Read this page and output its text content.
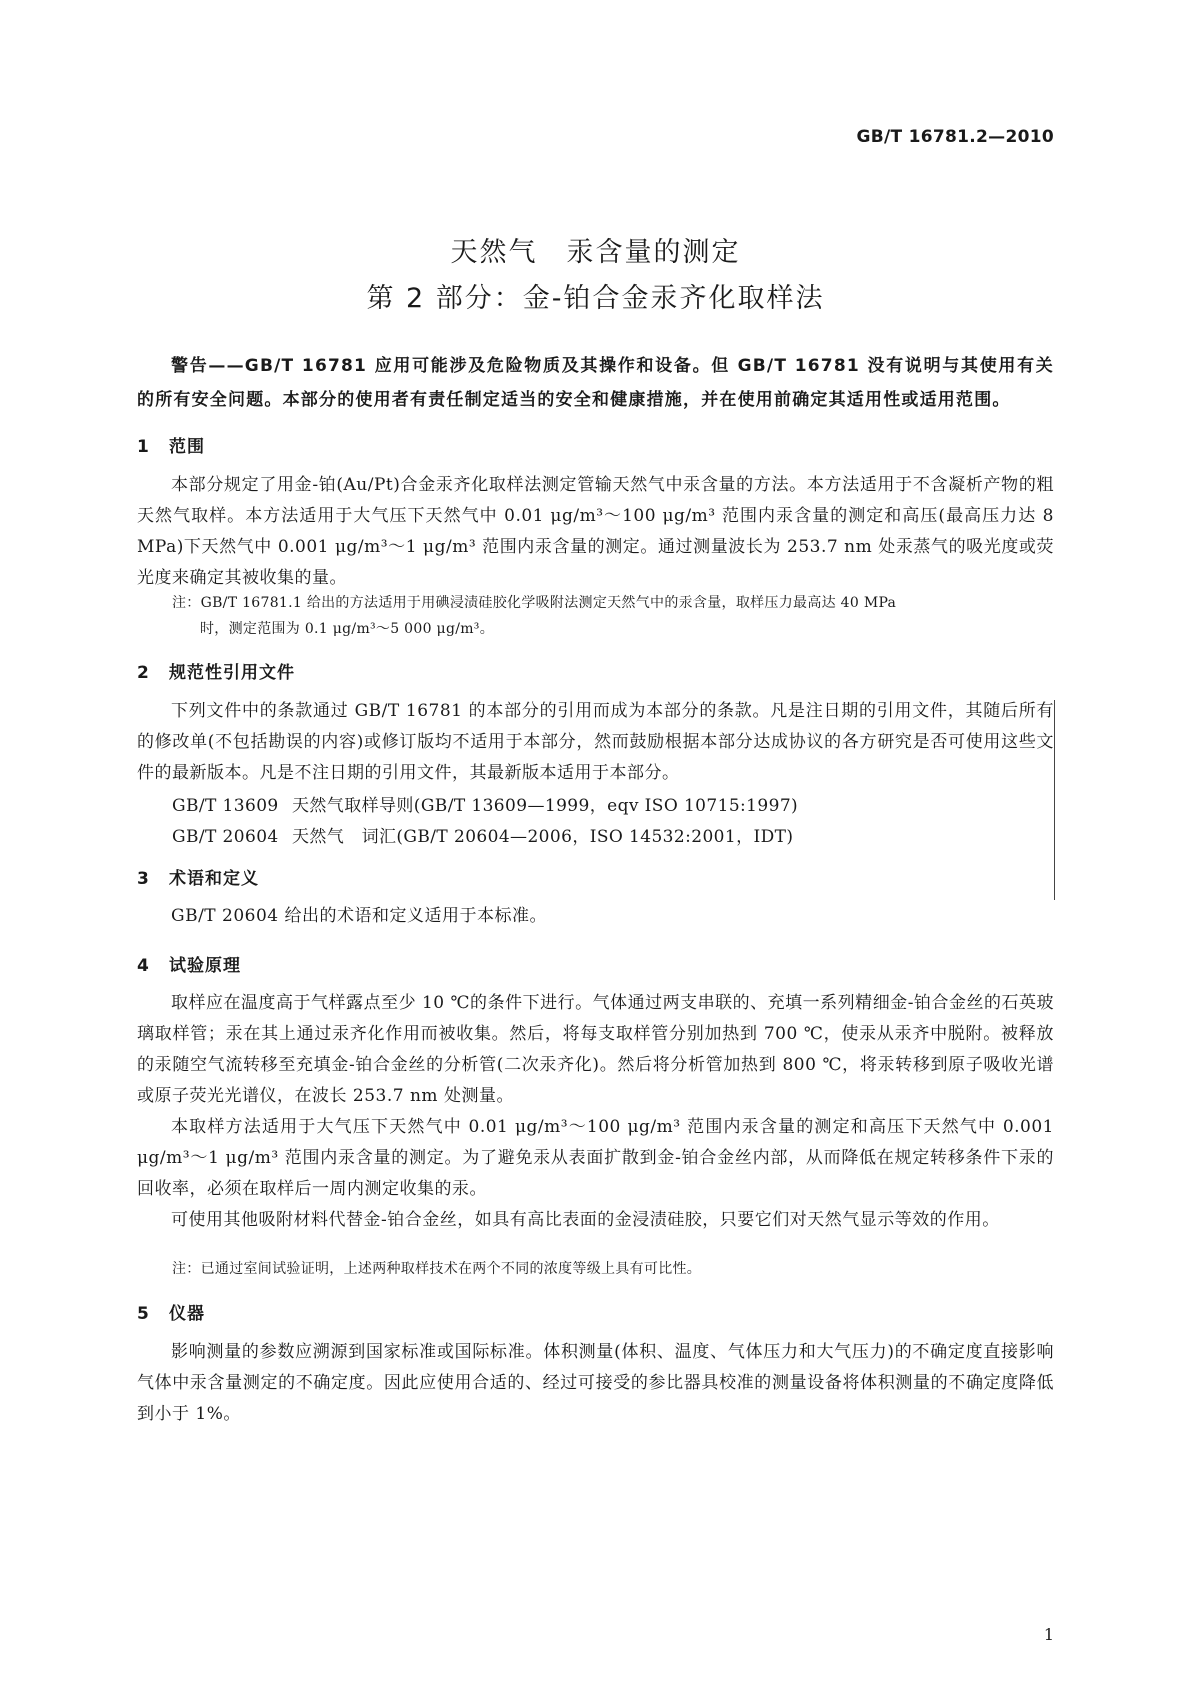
GB/T 16781.2—2010
天然气　汞含量的测定
第 2 部分：金-铂合金汞齐化取样法
警告——GB/T 16781 应用可能涉及危险物质及其操作和设备。但 GB/T 16781 没有说明与其使用有关的所有安全问题。本部分的使用者有责任制定适当的安全和健康措施，并在使用前确定其适用性或适用范围。
1 范围
本部分规定了用金-铂(Au/Pt)合金汞齐化取样法测定管输天然气中汞含量的方法。本方法适用于不含凝析产物的粗天然气取样。本方法适用于大气压下天然气中 0.01 μg/m³～100 μg/m³ 范围内汞含量的测定和高压(最高压力达 8 MPa)下天然气中 0.001 μg/m³～1 μg/m³ 范围内汞含量的测定。通过测量波长为 253.7 nm 处汞蒸气的吸光度或荧光度来确定其被收集的量。
注：GB/T 16781.1 给出的方法适用于用碘浸渍硅胶化学吸附法测定天然气中的汞含量，取样压力最高达 40 MPa
时，测定范围为 0.1 μg/m³～5 000 μg/m³。
2 规范性引用文件
下列文件中的条款通过 GB/T 16781 的本部分的引用而成为本部分的条款。凡是注日期的引用文件，其随后所有的修改单(不包括勘误的内容)或修订版均不适用于本部分，然而鼓励根据本部分达成协议的各方研究是否可使用这些文件的最新版本。凡是不注日期的引用文件，其最新版本适用于本部分。
GB/T 13609 天然气取样导则(GB/T 13609—1999，eqv ISO 10715:1997)
GB/T 20604 天然气　词汇(GB/T 20604—2006，ISO 14532:2001，IDT)
3 术语和定义
GB/T 20604 给出的术语和定义适用于本标准。
4 试验原理
取样应在温度高于气样露点至少 10 ℃的条件下进行。气体通过两支串联的、充填一系列精细金-铂合金丝的石英玻璃取样管；汞在其上通过汞齐化作用而被收集。然后，将每支取样管分别加热到 700 ℃，使汞从汞齐中脱附。被释放的汞随空气流转移至充填金-铂合金丝的分析管(二次汞齐化)。然后将分析管加热到 800 ℃，将汞转移到原子吸收光谱或原子荧光光谱仪，在波长 253.7 nm 处测量。
本取样方法适用于大气压下天然气中 0.01 μg/m³～100 μg/m³ 范围内汞含量的测定和高压下天然气中 0.001 μg/m³～1 μg/m³ 范围内汞含量的测定。为了避免汞从表面扩散到金-铂合金丝内部，从而降低在规定转移条件下汞的回收率，必须在取样后一周内测定收集的汞。
可使用其他吸附材料代替金-铂合金丝，如具有高比表面的金浸渍硅胶，只要它们对天然气显示等效的作用。
注：已通过室间试验证明，上述两种取样技术在两个不同的浓度等级上具有可比性。
5 仪器
影响测量的参数应溯源到国家标准或国际标准。体积测量(体积、温度、气体压力和大气压力)的不确定度直接影响气体中汞含量测定的不确定度。因此应使用合适的、经过可接受的参比器具校准的测量设备将体积测量的不确定度降低到小于 1%。
1
